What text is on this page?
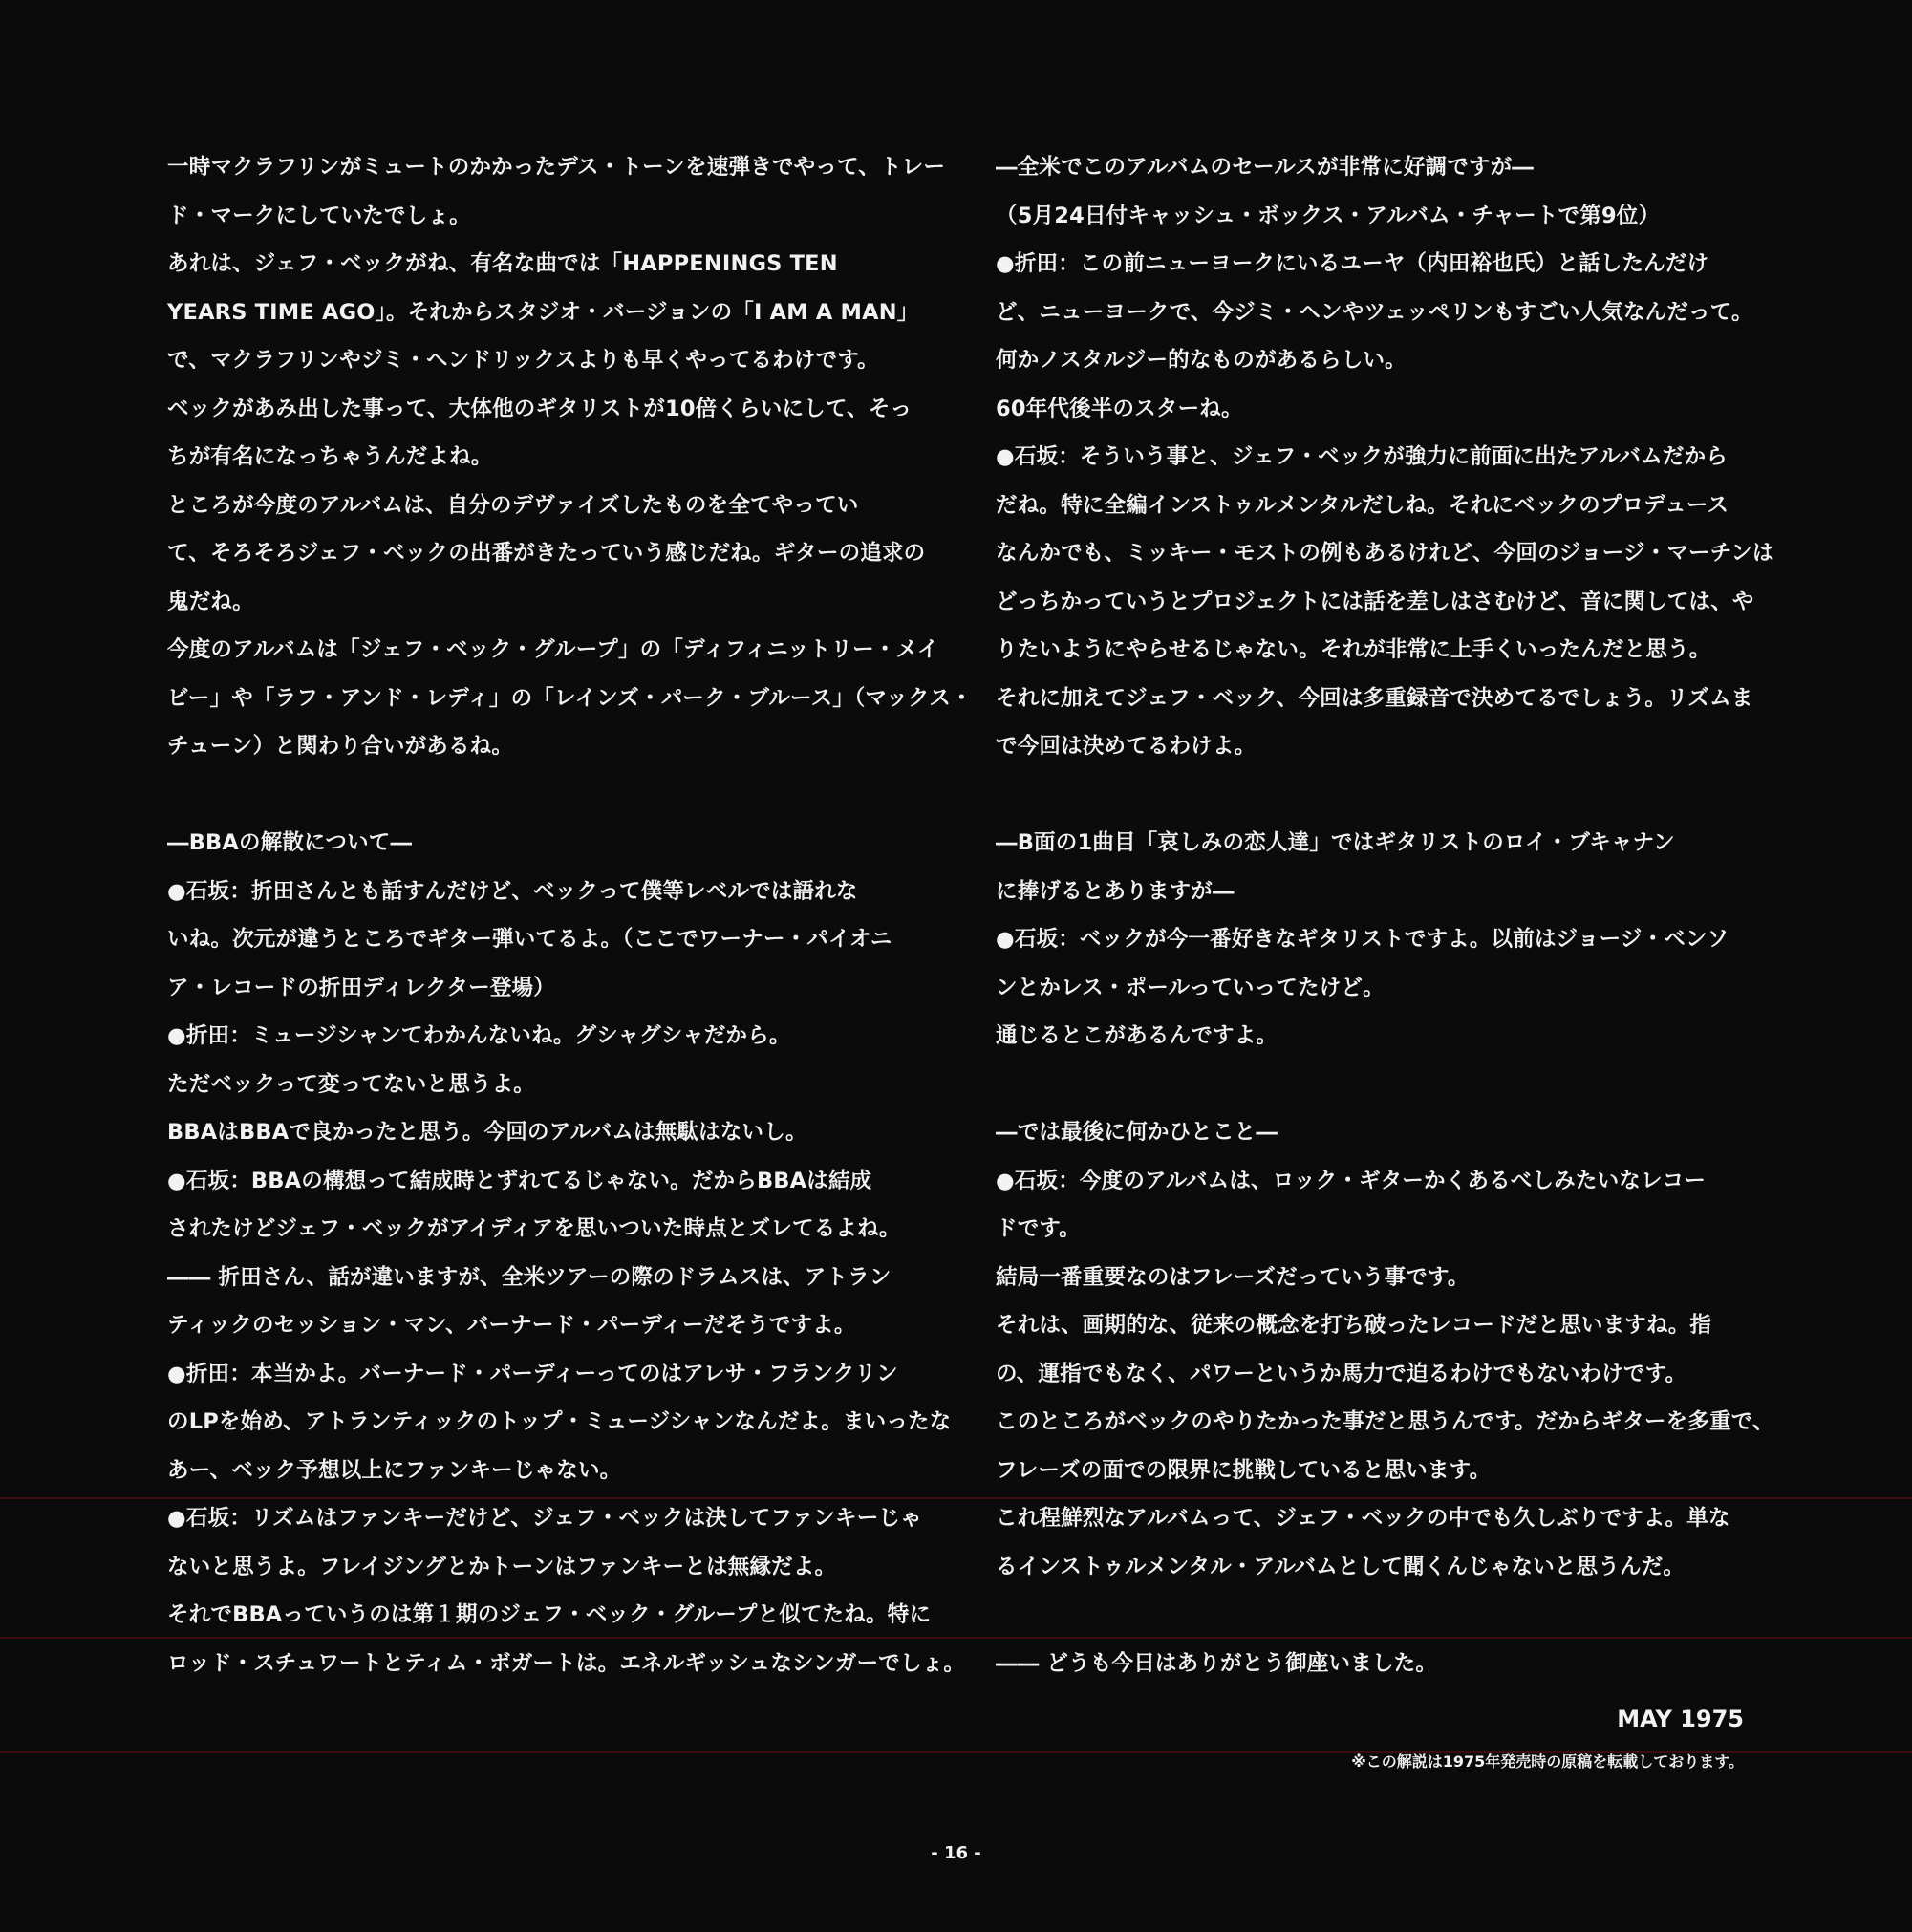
一時マクラフリンがミュートのかかったデス・トーンを速弾きでやって、トレー
ド・マークにしていたでしょ。
あれは、ジェフ・ベックがね、有名な曲では「HAPPENINGS TEN
YEARS TIME AGO」。それからスタジオ・バージョンの「I AM A MAN」
で、マクラフリンやジミ・ヘンドリックスよりも早くやってるわけです。
ベックがあみ出した事って、大体他のギタリストが10倍くらいにして、そっ
ちが有名になっちゃうんだよね。
ところが今度のアルバムは、自分のデヴァイズしたものを全てやってい
て、そろそろジェフ・ベックの出番がきたっていう感じだね。ギターの追求の
鬼だね。
今度のアルバムは「ジェフ・ベック・グループ」の「ディフィニットリー・メイ
ビー」や「ラフ・アンド・レディ」の「レインズ・パーク・ブルース」（マックス・
チューン）と関わり合いがあるね。
―BBAの解散について―
●石坂：折田さんとも話すんだけど、ベックって僕等レベルでは語れな
いね。次元が違うところでギター弾いてるよ。（ここでワーナー・パイオニ
ア・レコードの折田ディレクター登場）
●折田：ミュージシャンてわかんないね。グシャグシャだから。
ただベックって変ってないと思うよ。
BBAはBBAで良かったと思う。今回のアルバムは無駄はないし。
●石坂：BBAの構想って結成時とずれてるじゃない。だからBBAは結成
されたけどジェフ・ベックがアイディアを思いついた時点とズレてるよね。
―― 折田さん、話が違いますが、全米ツアーの際のドラムスは、アトラン
ティックのセッション・マン、バーナード・パーディーだそうですよ。
●折田：本当かよ。バーナード・パーディーってのはアレサ・フランクリン
のLPを始め、アトランティックのトップ・ミュージシャンなんだよ。まいったな
あー、ベック予想以上にファンキーじゃない。
●石坂：リズムはファンキーだけど、ジェフ・ベックは決してファンキーじゃ
ないと思うよ。フレイジングとかトーンはファンキーとは無縁だよ。
それでBBAっていうのは第１期のジェフ・ベック・グループと似てたね。特に
ロッド・スチュワートとティム・ボガートは。エネルギッシュなシンガーでしょ。
―全米でこのアルバムのセールスが非常に好調ですが―
（5月24日付キャッシュ・ボックス・アルバム・チャートで第9位）
●折田：この前ニューヨークにいるユーヤ（内田裕也氏）と話したんだけ
ど、ニューヨークで、今ジミ・ヘンやツェッペリンもすごい人気なんだって。
何かノスタルジー的なものがあるらしい。
60年代後半のスターね。
●石坂：そういう事と、ジェフ・ベックが強力に前面に出たアルバムだから
だね。特に全編インストゥルメンタルだしね。それにベックのプロデュース
なんかでも、ミッキー・モストの例もあるけれど、今回のジョージ・マーチンは
どっちかっていうとプロジェクトには話を差しはさむけど、音に関しては、や
りたいようにやらせるじゃない。それが非常に上手くいったんだと思う。
それに加えてジェフ・ベック、今回は多重録音で決めてるでしょう。リズムま
で今回は決めてるわけよ。
―B面の1曲目「哀しみの恋人達」ではギタリストのロイ・ブキャナン
に捧げるとありますが―
●石坂：ベックが今一番好きなギタリストですよ。以前はジョージ・ベンソ
ンとかレス・ポールっていってたけど。
通じるとこがあるんですよ。
―では最後に何かひとこと―
●石坂：今度のアルバムは、ロック・ギターかくあるべしみたいなレコー
ドです。
結局一番重要なのはフレーズだっていう事です。
それは、画期的な、従来の概念を打ち破ったレコードだと思いますね。指
の、運指でもなく、パワーというか馬力で迫るわけでもないわけです。
このところがベックのやりたかった事だと思うんです。だからギターを多重で、
フレーズの面での限界に挑戦していると思います。
これ程鮮烈なアルバムって、ジェフ・ベックの中でも久しぶりですよ。単な
るインストゥルメンタル・アルバムとして聞くんじゃないと思うんだ。
―― どうも今日はありがとう御座いました。
MAY 1975
※この解説は1975年発売時の原稿を転載しております。
- 16 -
